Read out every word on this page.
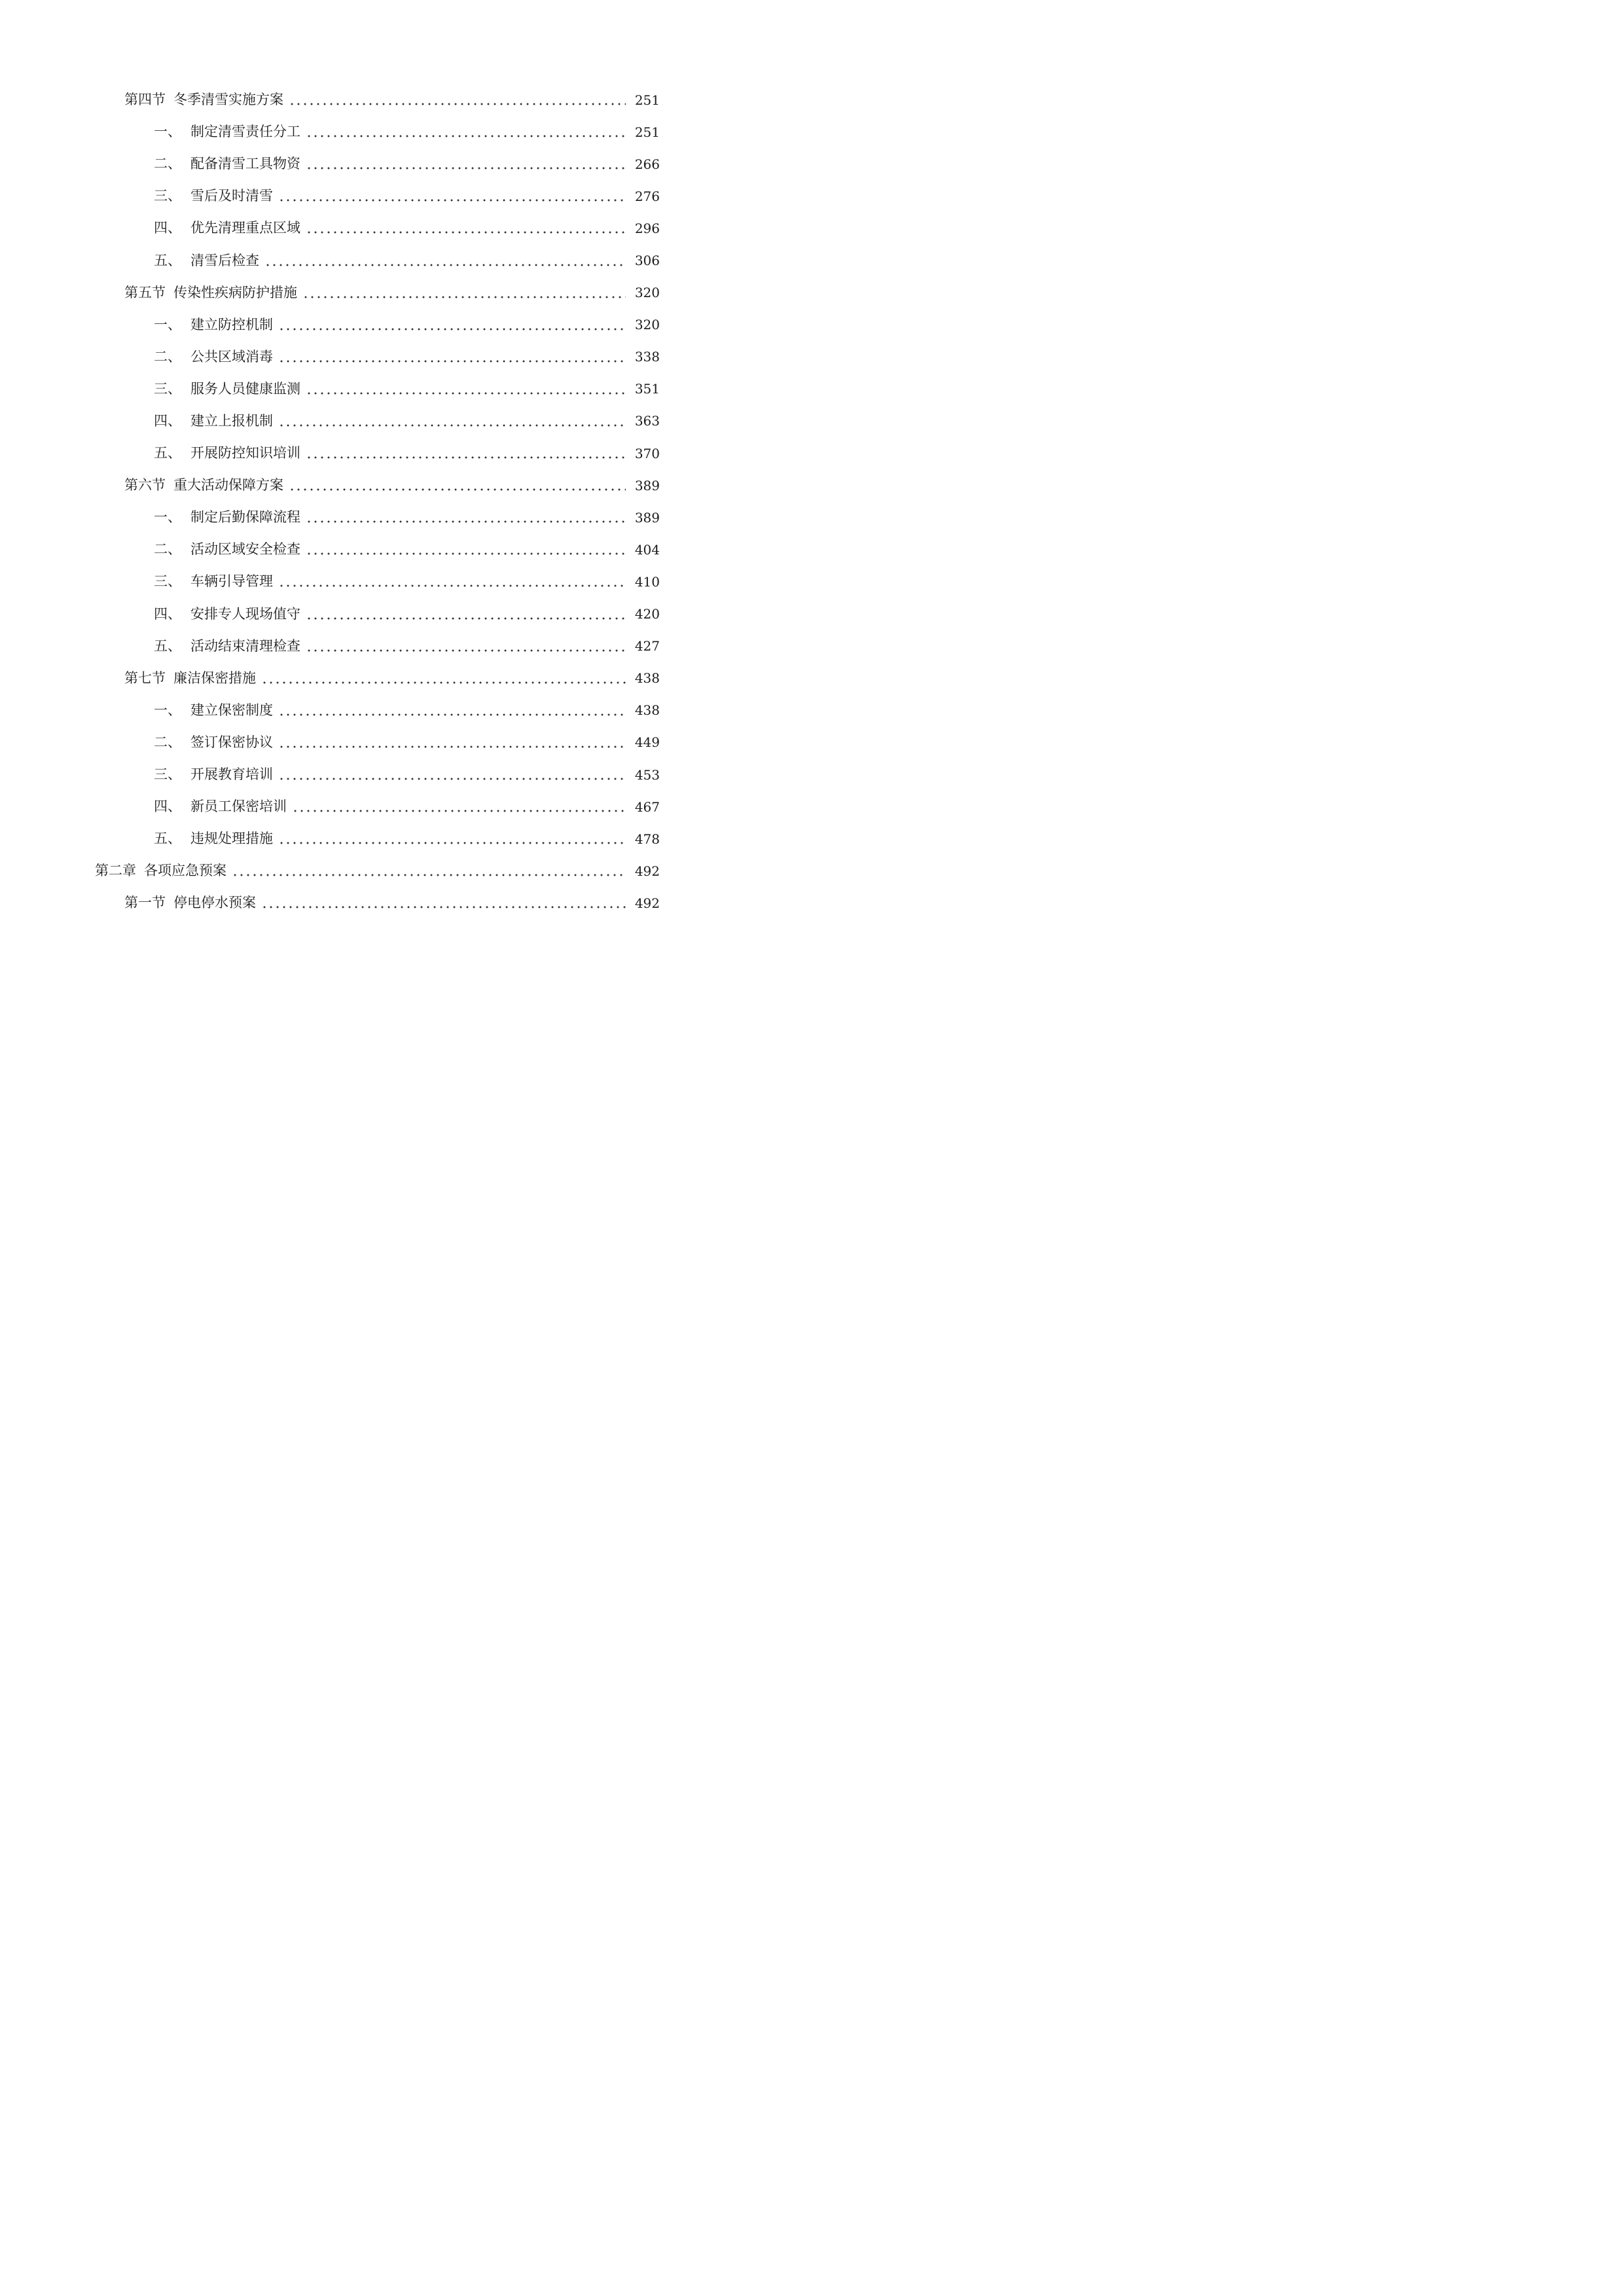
第四节 冬季清雪实施方案	251
一、 制定清雪责任分工	251
二、 配备清雪工具物资	266
三、 雪后及时清雪	276
四、 优先清理重点区域	296
五、 清雪后检查	306
第五节 传染性疾病防护措施	320
一、 建立防控机制	320
二、 公共区域消毒	338
三、 服务人员健康监测	351
四、 建立上报机制	363
五、 开展防控知识培训	370
第六节 重大活动保障方案	389
一、 制定后勤保障流程	389
二、 活动区域安全检查	404
三、 车辆引导管理	410
四、 安排专人现场值守	420
五、 活动结束清理检查	427
第七节 廉洁保密措施	438
一、 建立保密制度	438
二、 签订保密协议	449
三、 开展教育培训	453
四、 新员工保密培训	467
五、 违规处理措施	478
第二章 各项应急预案	492
第一节 停电停水预案	492
